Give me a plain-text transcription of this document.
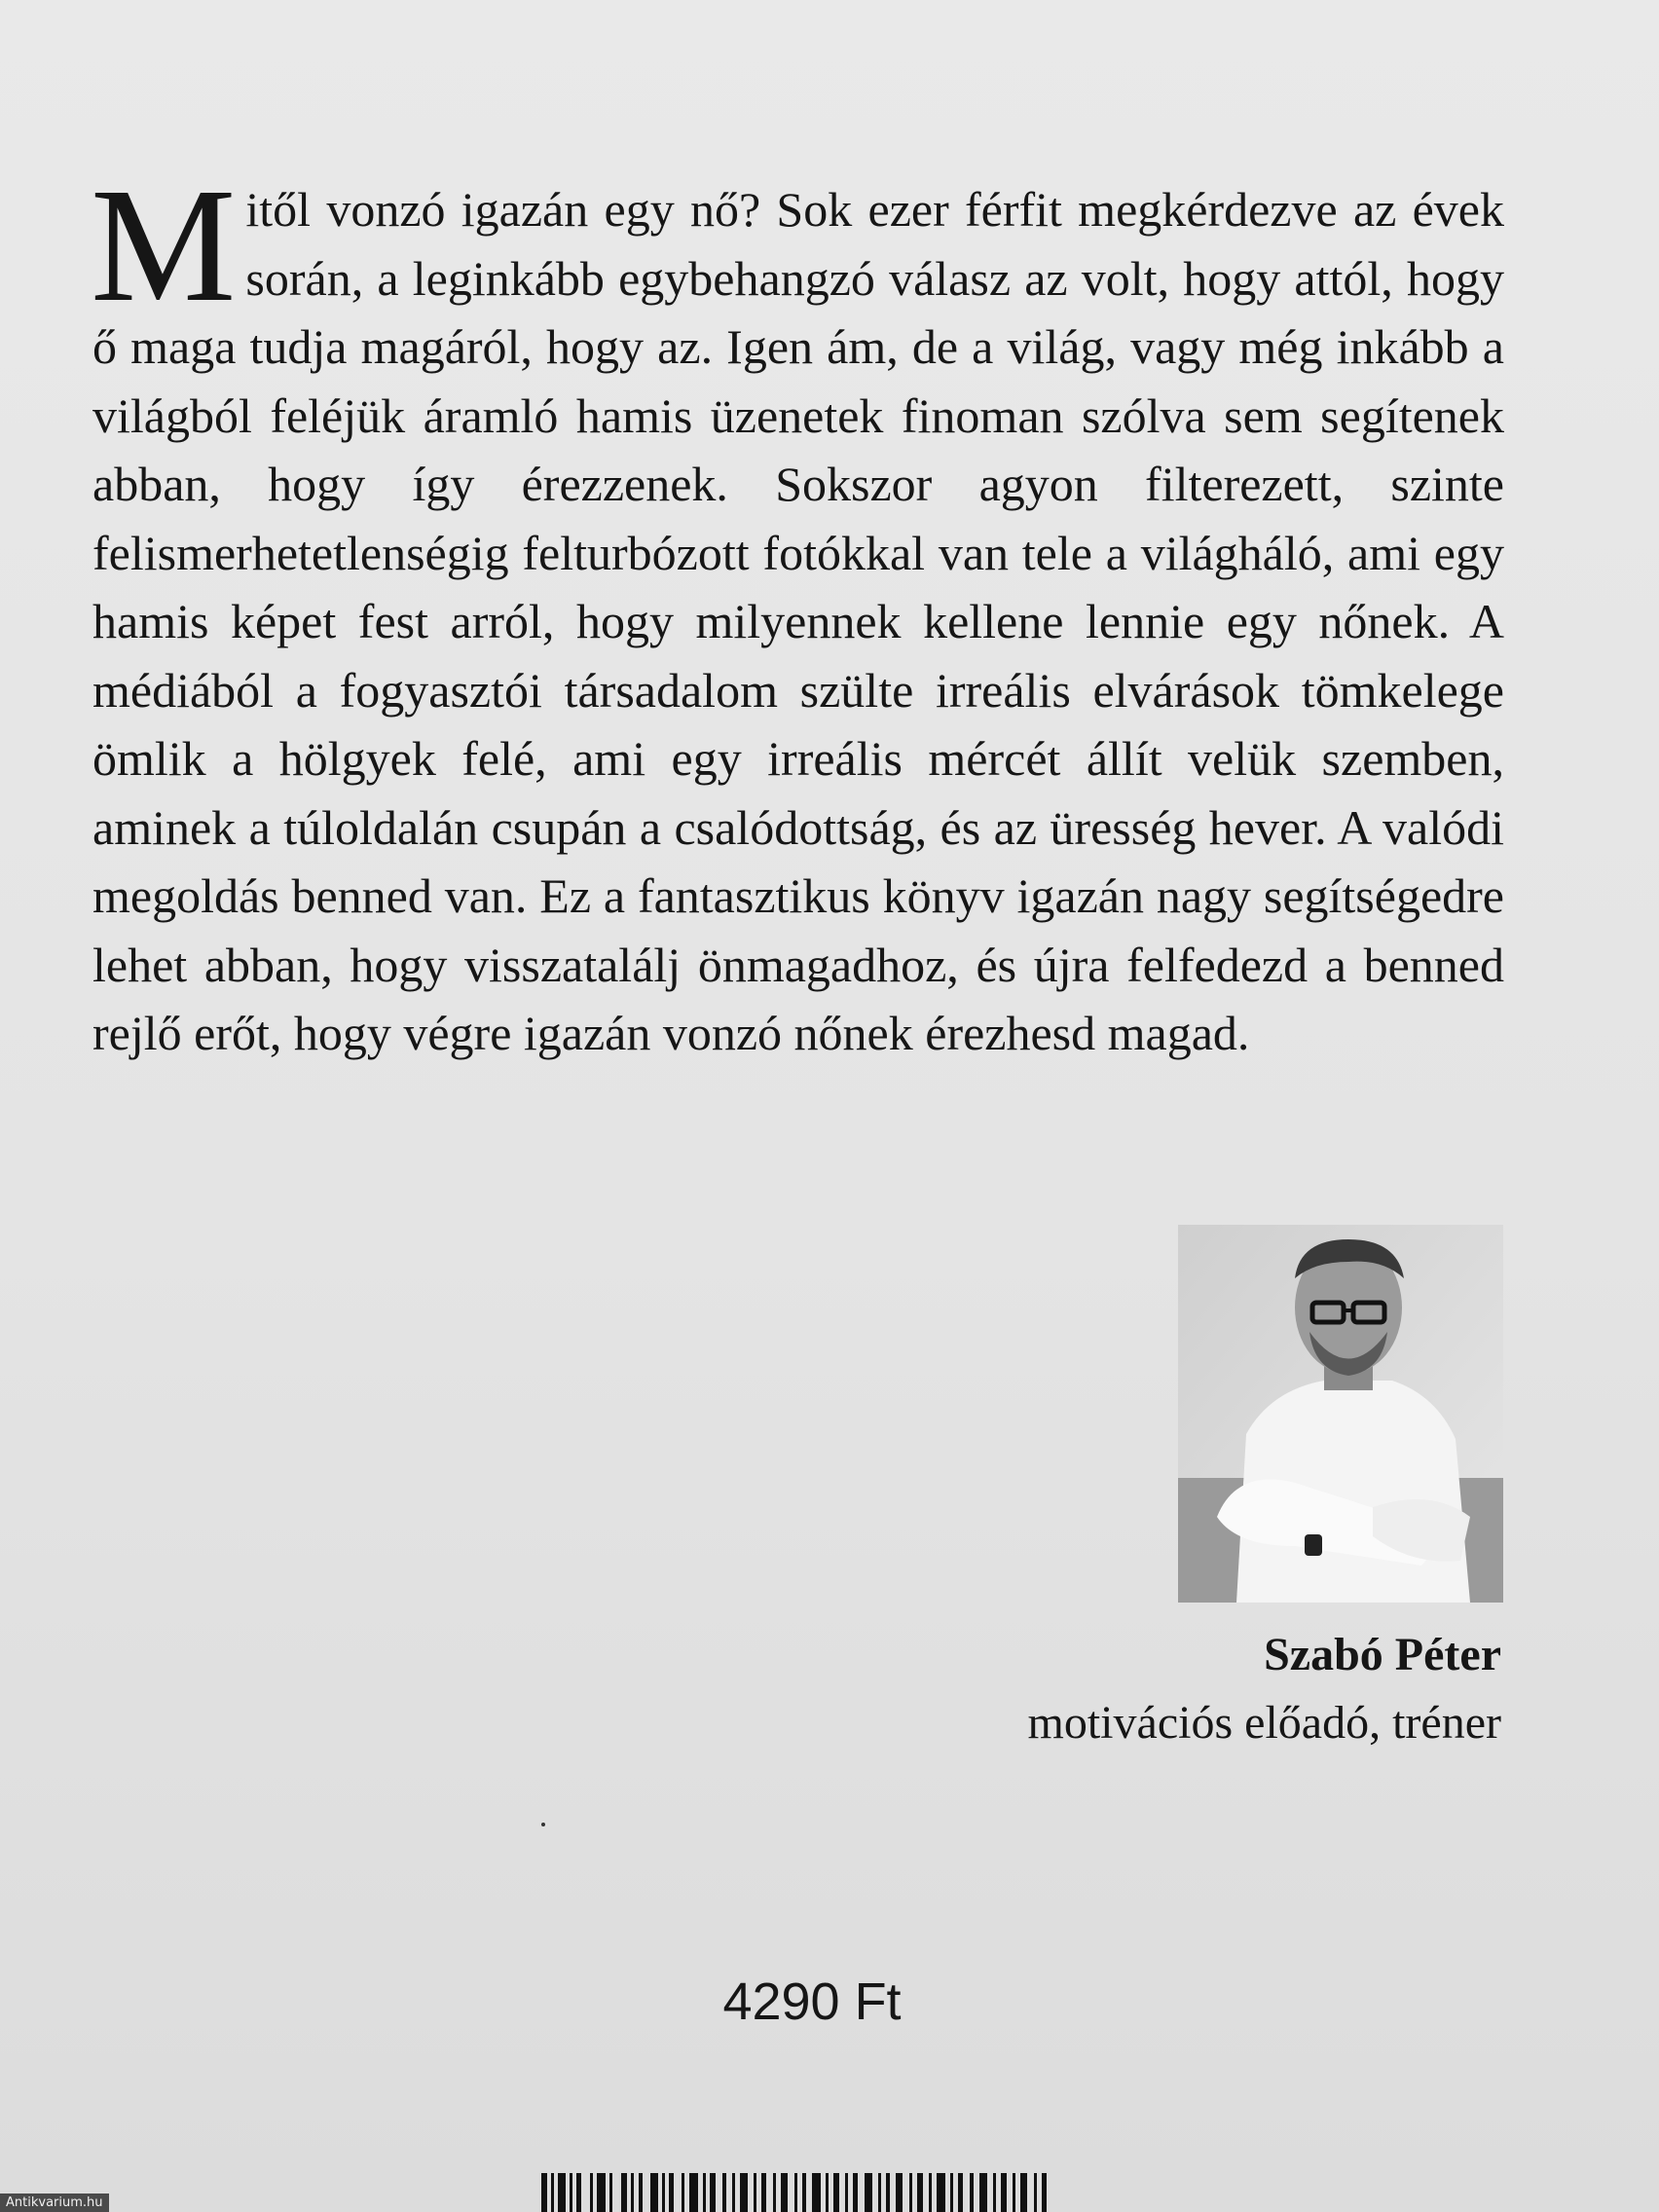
Mitől vonzó igazán egy nő? Sok ezer férfit megkérdezve az évek során, a leginkább egybehangzó válasz az volt, hogy attól, hogy ő maga tudja magáról, hogy az. Igen ám, de a világ, vagy még inkább a világból feléjük áramló hamis üzenetek finoman szólva sem segítenek abban, hogy így érezzenek. Sokszor agyon filterezett, szinte felismerhetetlenségig felturbózott fotókkal van tele a világháló, ami egy hamis képet fest arról, hogy milyennek kellene lennie egy nőnek. A médiából a fogyasztói társadalom szülte irreális elvárások tömkelege ömlik a hölgyek felé, ami egy irreális mércét állít velük szemben, aminek a túloldalán csupán a csalódottság, és az üresség hever. A valódi megoldás benned van. Ez a fantasztikus könyv igazán nagy segítségedre lehet abban, hogy visszatalálj önmagadhoz, és újra felfedezd a benned rejlő erőt, hogy végre igazán vonzó nőnek érezhesd magad.

Szabó Péter

motivációs előadó, tréner

4290 Ft

Antikvarium.hu
